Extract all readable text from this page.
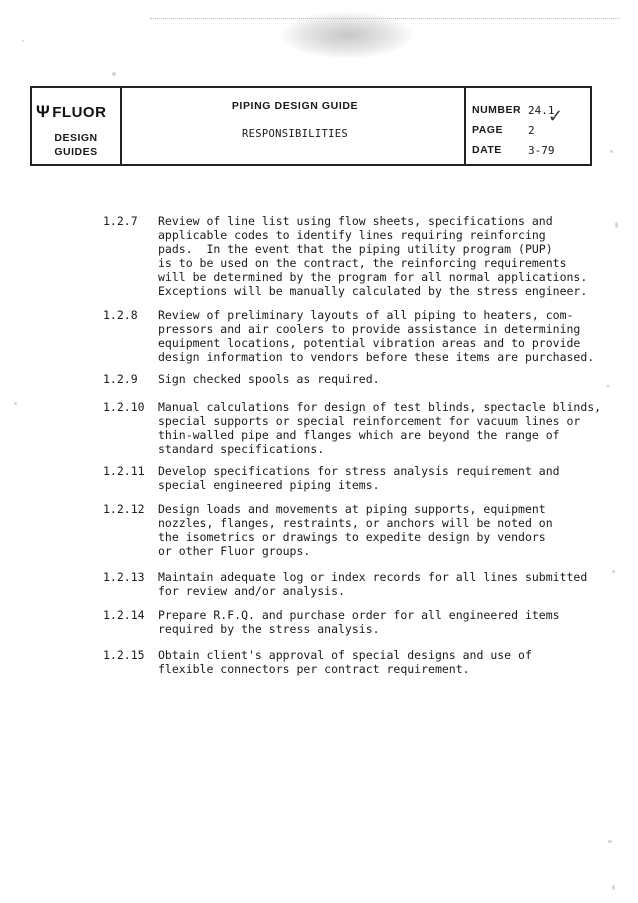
Ψ FLUOR
DESIGN
GUIDES
PIPING DESIGN GUIDE
RESPONSIBILITIES
NUMBER 24.1
PAGE 2
DATE 3-79
✓
1.2.7 Review of line list using flow sheets, specifications and
applicable codes to identify lines requiring reinforcing
pads.  In the event that the piping utility program (PUP)
is to be used on the contract, the reinforcing requirements
will be determined by the program for all normal applications.
Exceptions will be manually calculated by the stress engineer.
1.2.8 Review of preliminary layouts of all piping to heaters, com-
pressors and air coolers to provide assistance in determining
equipment locations, potential vibration areas and to provide
design information to vendors before these items are purchased.
1.2.9 Sign checked spools as required.
1.2.10 Manual calculations for design of test blinds, spectacle blinds,
special supports or special reinforcement for vacuum lines or
thin-walled pipe and flanges which are beyond the range of
standard specifications.
1.2.11 Develop specifications for stress analysis requirement and
special engineered piping items.
1.2.12 Design loads and movements at piping supports, equipment
nozzles, flanges, restraints, or anchors will be noted on
the isometrics or drawings to expedite design by vendors
or other Fluor groups.
1.2.13 Maintain adequate log or index records for all lines submitted
for review and/or analysis.
1.2.14 Prepare R.F.Q. and purchase order for all engineered items
required by the stress analysis.
1.2.15 Obtain client's approval of special designs and use of
flexible connectors per contract requirement.
